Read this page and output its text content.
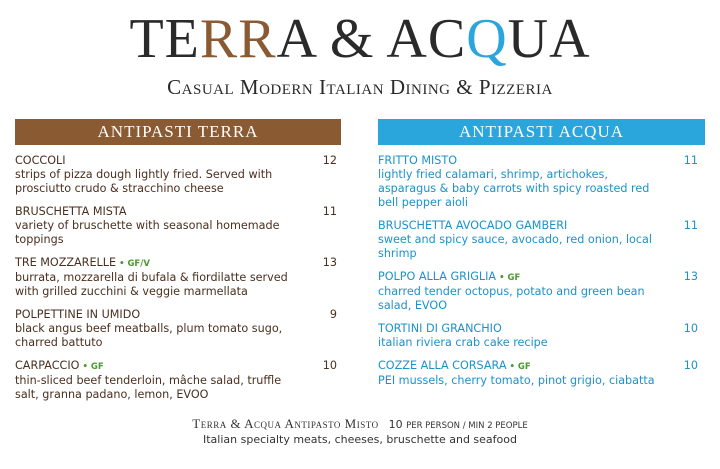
TERRA & ACQUA
Casual Modern Italian Dining & Pizzeria
ANTIPASTI TERRA	ANTIPASTI ACQUA
COCCOLI	12
strips of pizza dough lightly fried. Served with prosciutto crudo & stracchino cheese
BRUSCHETTA MISTA	11
variety of bruschette with seasonal homemade toppings
TRE MOZZARELLE • GF/V	13
burrata, mozzarella di bufala & fiordilatte served with grilled zucchini & veggie marmellata
POLPETTINE IN UMIDO	9
black angus beef meatballs, plum tomato sugo, charred battuto
CARPACCIO • GF	10
thin-sliced beef tenderloin, mâche salad, truffle salt, granna padano, lemon, EVOO
FRITTO MISTO	11
lightly fried calamari, shrimp, artichokes, asparagus & baby carrots with spicy roasted red bell pepper aioli
BRUSCHETTA AVOCADO GAMBERI	11
sweet and spicy sauce, avocado, red onion, local shrimp
POLPO ALLA GRIGLIA • GF	13
charred tender octopus, potato and green bean salad, EVOO
TORTINI DI GRANCHIO	10
italian riviera crab cake recipe
COZZE ALLA CORSARA • GF	10
PEI mussels, cherry tomato, pinot grigio, ciabatta
Terra & Acqua Antipasto Misto 10 PER PERSON / MIN 2 PEOPLE
Italian specialty meats, cheeses, bruschette and seafood
